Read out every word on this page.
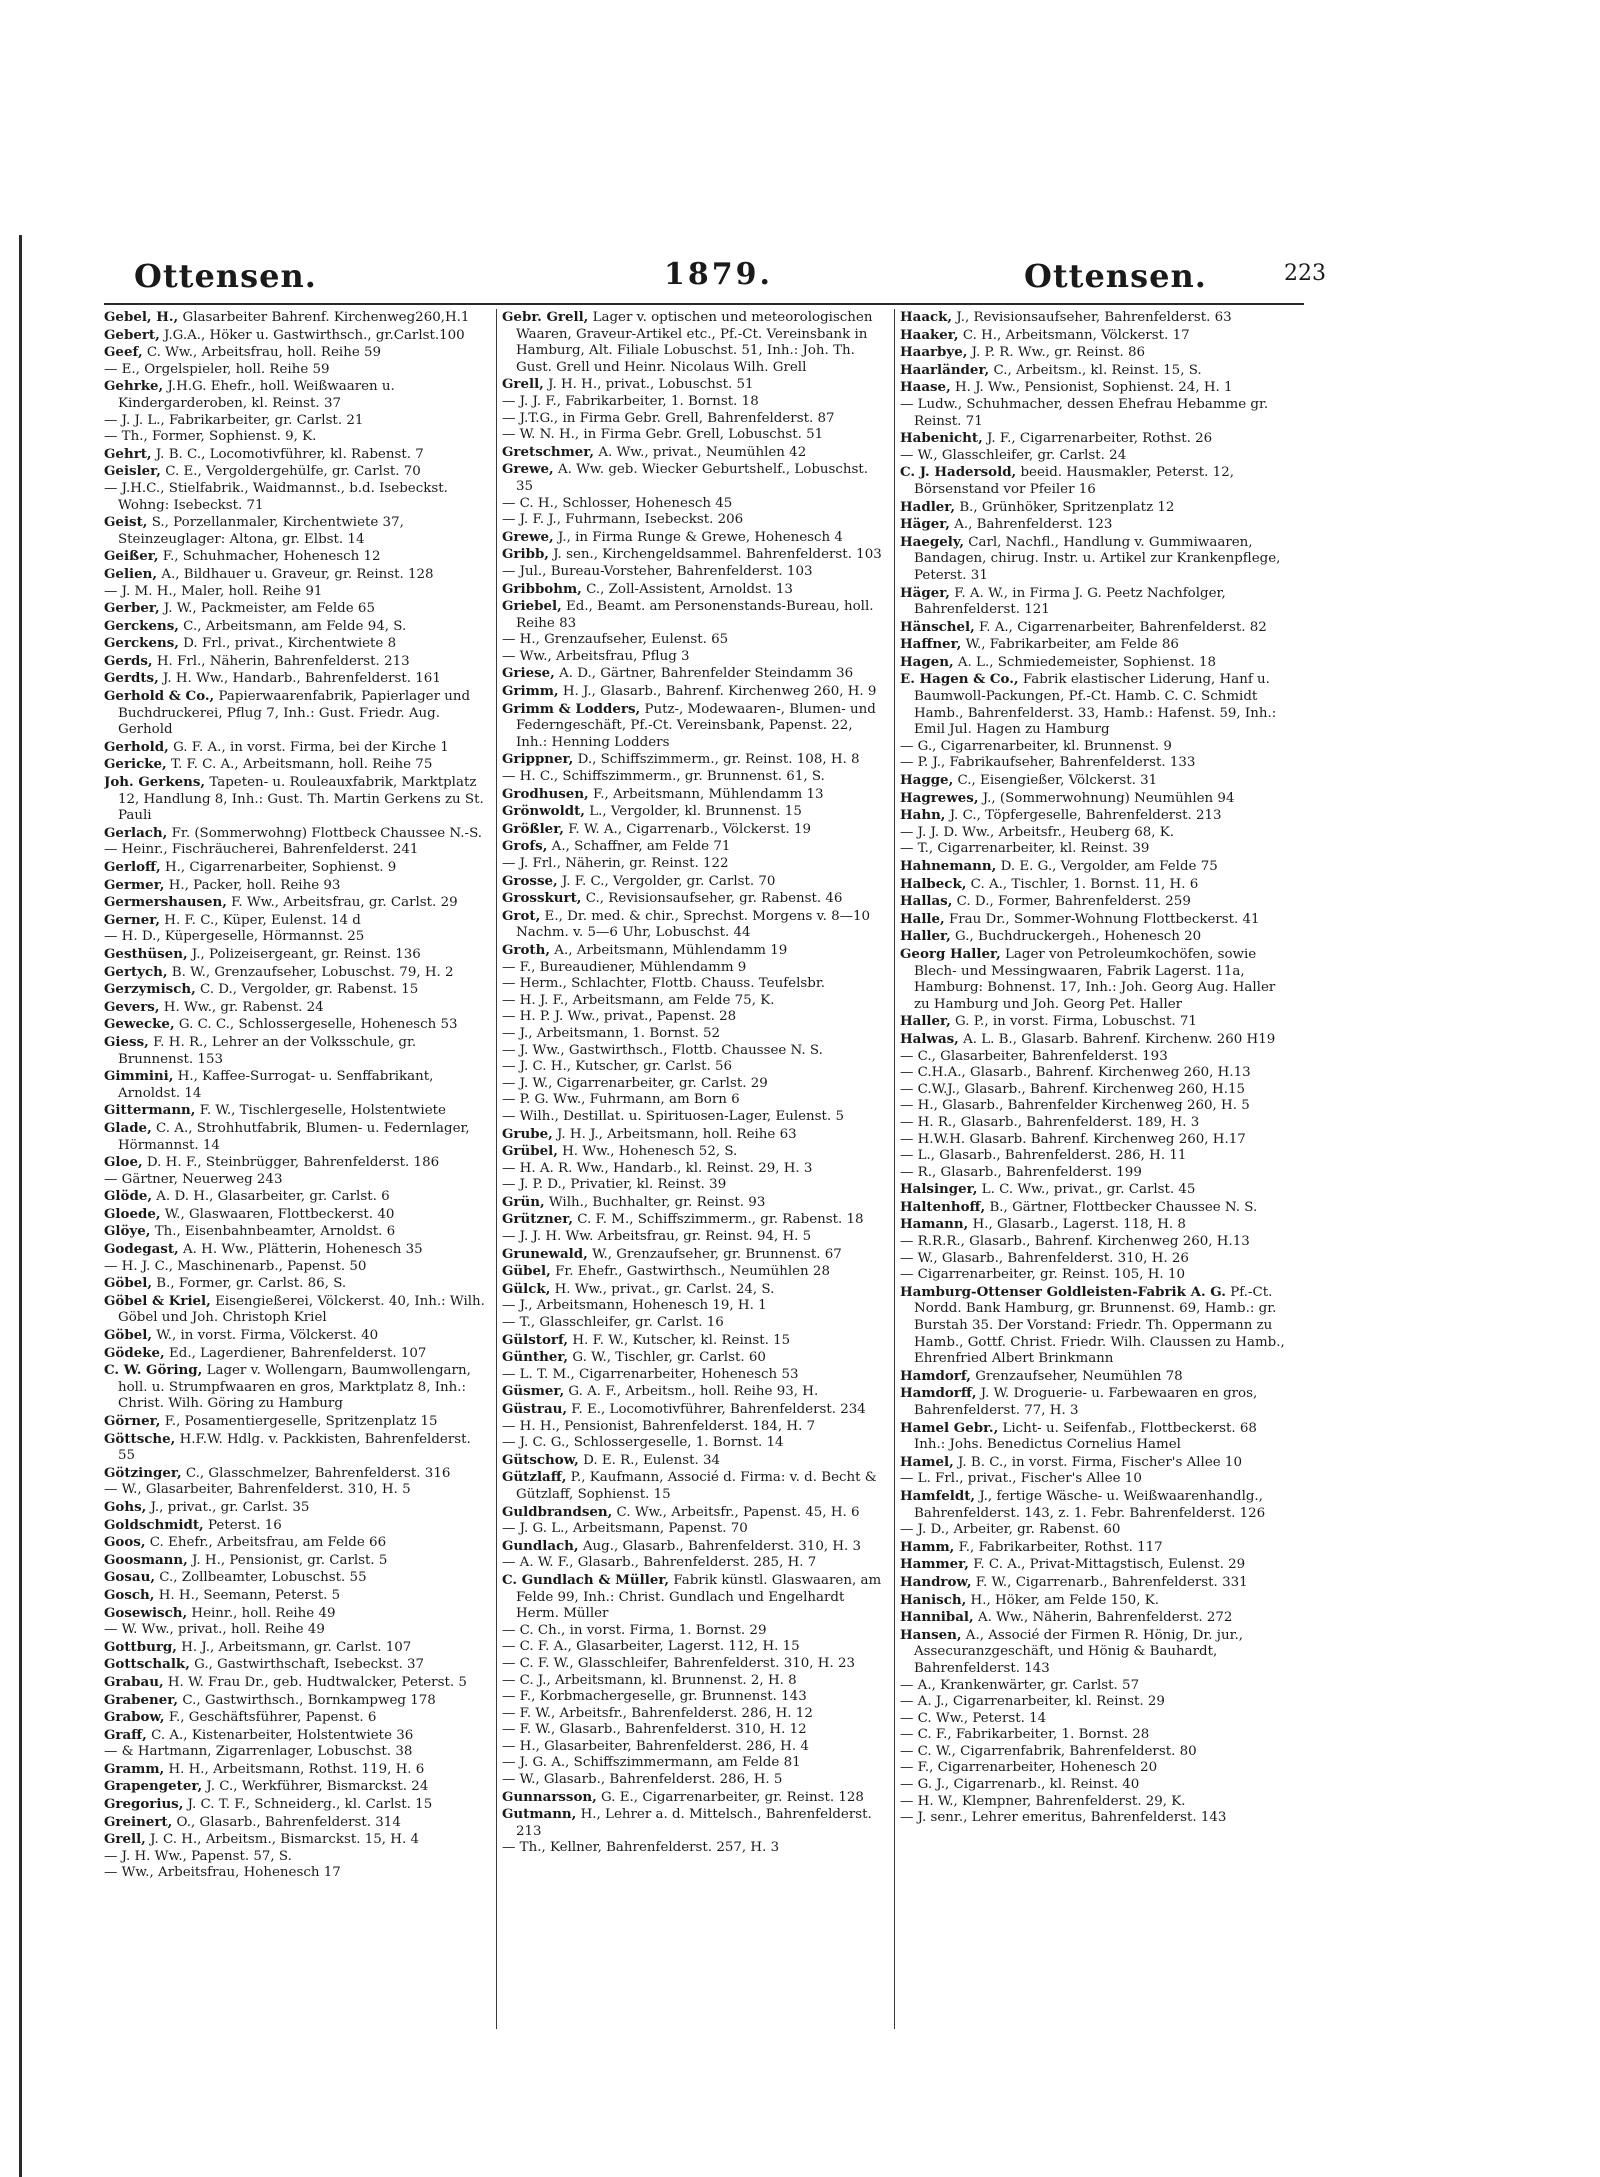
Ottensen.	1879.	Ottensen.	223
Gebel, H., Glasarbeiter Bahrenf. Kirchenweg260,H.1
Gebert, J.G.A., Höker u. Gastwirthsch., gr.Carlst.100
Geef, C. Ww., Arbeitsfrau, holl. Reihe 59
— E., Orgelspieler, holl. Reihe 59
Gehrke, J.H.G. Ehefr., holl. Weißwaaren u. Kindergarderoben, kl. Reinst. 37
— J. J. L., Fabrikarbeiter, gr. Carlst. 21
— Th., Former, Sophienst. 9, K.
Gehrt, J. B. C., Locomotivführer, kl. Rabenst. 7
Geisler, C. E., Vergoldergehülfe, gr. Carlst. 70
— J.H.C., Stielfabrik., Waidmannst., b.d. Isebeckst. Wohng: Isebeckst. 71
Geist, S., Porzellanmaler, Kirchentwiete 37, Steinzeuglager: Altona, gr. Elbst. 14
Geißer, F., Schuhmacher, Hohenesch 12
Gelien, A., Bildhauer u. Graveur, gr. Reinst. 128
— J. M. H., Maler, holl. Reihe 91
Gerber, J. W., Packmeister, am Felde 65
Gerckens, C., Arbeitsmann, am Felde 94, S.
Gerckens, D. Frl., privat., Kirchentwiete 8
Gerds, H. Frl., Näherin, Bahrenfelderst. 213
Gerdts, J. H. Ww., Handarb., Bahrenfelderst. 161
Gerhold & Co., Papierwaarenfabrik, Papierlager und Buchdruckerei, Pflug 7, Inh.: Gust. Friedr. Aug. Gerhold
Gerhold, G. F. A., in vorst. Firma, bei der Kirche 1
Gericke, T. F. C. A., Arbeitsmann, holl. Reihe 75
Joh. Gerkens, Tapeten- u. Rouleauxfabrik, Marktplatz 12, Handlung 8, Inh.: Gust. Th. Martin Gerkens zu St. Pauli
Gerlach, Fr. (Sommerwohng) Flottbeck Chaussee N.-S.
— Heinr., Fischräucherei, Bahrenfelderst. 241
Gerloff, H., Cigarrenarbeiter, Sophienst. 9
Germer, H., Packer, holl. Reihe 93
Germershausen, F. Ww., Arbeitsfrau, gr. Carlst. 29
Gerner, H. F. C., Küper, Eulenst. 14 d
— H. D., Küpergeselle, Hörmannst. 25
Gesthüsen, J., Polizeisergeant, gr. Reinst. 136
Gertych, B. W., Grenzaufseher, Lobuschst. 79, H. 2
Gerzymisch, C. D., Vergolder, gr. Rabenst. 15
Gevers, H. Ww., gr. Rabenst. 24
Gewecke, G. C. C., Schlossergeselle, Hohenesch 53
Giess, F. H. R., Lehrer an der Volksschule, gr. Brunnenst. 153
Gimmini, H., Kaffee-Surrogat- u. Senffabrikant, Arnoldst. 14
Gittermann, F. W., Tischlergeselle, Holstentwiete
Glade, C. A., Strohhutfabrik, Blumen- u. Federnlager, Hörmannst. 14
Gloe, D. H. F., Steinbrügger, Bahrenfelderst. 186
— Gärtner, Neuerweg 243
Glöde, A. D. H., Glasarbeiter, gr. Carlst. 6
Gloede, W., Glaswaaren, Flottbeckerst. 40
Glöye, Th., Eisenbahnbeamter, Arnoldst. 6
Godegast, A. H. Ww., Plätterin, Hohenesch 35
— H. J. C., Maschinenarb., Papenst. 50
Göbel, B., Former, gr. Carlst. 86, S.
Göbel & Kriel, Eisengießerei, Völckerst. 40, Inh.: Wilh. Göbel und Joh. Christoph Kriel
Göbel, W., in vorst. Firma, Völckerst. 40
Gödeke, Ed., Lagerdiener, Bahrenfelderst. 107
C. W. Göring, Lager v. Wollengarn, Baumwollengarn, holl. u. Strumpfwaaren en gros, Marktplatz 8, Inh.: Christ. Wilh. Göring zu Hamburg
Görner, F., Posamentiergeselle, Spritzenplatz 15
Göttsche, H.F.W. Hdlg. v. Packkisten, Bahrenfelderst. 55
Götzinger, C., Glasschmelzer, Bahrenfelderst. 316
— W., Glasarbeiter, Bahrenfelderst. 310, H. 5
Gohs, J., privat., gr. Carlst. 35
Goldschmidt, Peterst. 16
Goos, C. Ehefr., Arbeitsfrau, am Felde 66
Goosmann, J. H., Pensionist, gr. Carlst. 5
Gosau, C., Zollbeamter, Lobuschst. 55
Gosch, H. H., Seemann, Peterst. 5
Gosewisch, Heinr., holl. Reihe 49
— W. Ww., privat., holl. Reihe 49
Gottburg, H. J., Arbeitsmann, gr. Carlst. 107
Gottschalk, G., Gastwirthschaft, Isebeckst. 37
Grabau, H. W. Frau Dr., geb. Hudtwalcker, Peterst. 5
Grabener, C., Gastwirthsch., Bornkampweg 178
Grabow, F., Geschäftsführer, Papenst. 6
Graff, C. A., Kistenarbeiter, Holstentwiete 36
— & Hartmann, Zigarrenlager, Lobuschst. 38
Gramm, H. H., Arbeitsmann, Rothst. 119, H. 6
Grapengeter, J. C., Werkführer, Bismarckst. 24
Gregorius, J. C. T. F., Schneiderg., kl. Carlst. 15
Greinert, O., Glasarb., Bahrenfelderst. 314
Grell, J. C. H., Arbeitsm., Bismarckst. 15, H. 4
— J. H. Ww., Papenst. 57, S.
— Ww., Arbeitsfrau, Hohenesch 17
Gebr. Grell, Lager v. optischen und meteorologischen Waaren, Graveur-Artikel etc., Pf.-Ct. Vereinsbank in Hamburg, Alt. Filiale Lobuschst. 51, Inh.: Joh. Th. Gust. Grell und Heinr. Nicolaus Wilh. Grell
Grell, J. H. H., privat., Lobuschst. 51
— J. J. F., Fabrikarbeiter, 1. Bornst. 18
— J.T.G., in Firma Gebr. Grell, Bahrenfelderst. 87
— W. N. H., in Firma Gebr. Grell, Lobuschst. 51
Gretschmer, A. Ww., privat., Neumühlen 42
Grewe, A. Ww. geb. Wiecker Geburtshelf., Lobuschst. 35
— C. H., Schlosser, Hohenesch 45
— J. F. J., Fuhrmann, Isebeckst. 206
Grewe, J., in Firma Runge & Grewe, Hohenesch 4
Gribb, J. sen., Kirchengeldsammel. Bahrenfelderst. 103
— Jul., Bureau-Vorsteher, Bahrenfelderst. 103
Gribbohm, C., Zoll-Assistent, Arnoldst. 13
Griebel, Ed., Beamt. am Personenstands-Bureau, holl. Reihe 83
— H., Grenzaufseher, Eulenst. 65
— Ww., Arbeitsfrau, Pflug 3
Griese, A. D., Gärtner, Bahrenfelder Steindamm 36
Grimm, H. J., Glasarb., Bahrenf. Kirchenweg 260, H. 9
Grimm & Lodders, Putz-, Modewaaren-, Blumen- und Federngeschäft, Pf.-Ct. Vereinsbank, Papenst. 22, Inh.: Henning Lodders
Grippner, D., Schiffszimmerm., gr. Reinst. 108, H. 8
— H. C., Schiffszimmerm., gr. Brunnenst. 61, S.
Grodhusen, F., Arbeitsmann, Mühlendamm 13
Grönwoldt, L., Vergolder, kl. Brunnenst. 15
Größler, F. W. A., Cigarrenarb., Völckerst. 19
Grofs, A., Schaffner, am Felde 71
— J. Frl., Näherin, gr. Reinst. 122
Grosse, J. F. C., Vergolder, gr. Carlst. 70
Grosskurt, C., Revisionsaufseher, gr. Rabenst. 46
Grot, E., Dr. med. & chir., Sprechst. Morgens v. 8—10 Nachm. v. 5—6 Uhr, Lobuschst. 44
Groth, A., Arbeitsmann, Mühlendamm 19
— F., Bureaudiener, Mühlendamm 9
— Herm., Schlachter, Flottb. Chauss. Teufelsbr.
— H. J. F., Arbeitsmann, am Felde 75, K.
— H. P. J. Ww., privat., Papenst. 28
— J., Arbeitsmann, 1. Bornst. 52
— J. Ww., Gastwirthsch., Flottb. Chaussee N. S.
— J. C. H., Kutscher, gr. Carlst. 56
— J. W., Cigarrenarbeiter, gr. Carlst. 29
— P. G. Ww., Fuhrmann, am Born 6
— Wilh., Destillat. u. Spirituosen-Lager, Eulenst. 5
Grube, J. H. J., Arbeitsmann, holl. Reihe 63
Grübel, H. Ww., Hohenesch 52, S.
— H. A. R. Ww., Handarb., kl. Reinst. 29, H. 3
— J. P. D., Privatier, kl. Reinst. 39
Grün, Wilh., Buchhalter, gr. Reinst. 93
Grützner, C. F. M., Schiffszimmerm., gr. Rabenst. 18
— J. J. H. Ww. Arbeitsfrau, gr. Reinst. 94, H. 5
Grunewald, W., Grenzaufseher, gr. Brunnenst. 67
Gübel, Fr. Ehefr., Gastwirthsch., Neumühlen 28
Gülck, H. Ww., privat., gr. Carlst. 24, S.
— J., Arbeitsmann, Hohenesch 19, H. 1
— T., Glasschleifer, gr. Carlst. 16
Gülstorf, H. F. W., Kutscher, kl. Reinst. 15
Günther, G. W., Tischler, gr. Carlst. 60
— L. T. M., Cigarrenarbeiter, Hohenesch 53
Güsmer, G. A. F., Arbeitsm., holl. Reihe 93, H.
Güstrau, F. E., Locomotivführer, Bahrenfelderst. 234
— H. H., Pensionist, Bahrenfelderst. 184, H. 7
— J. C. G., Schlossergeselle, 1. Bornst. 14
Gütschow, D. E. R., Eulenst. 34
Gützlaff, P., Kaufmann, Associé d. Firma: v. d. Becht & Gützlaff, Sophienst. 15
Guldbrandsen, C. Ww., Arbeitsfr., Papenst. 45, H. 6
— J. G. L., Arbeitsmann, Papenst. 70
Gundlach, Aug., Glasarb., Bahrenfelderst. 310, H. 3
— A. W. F., Glasarb., Bahrenfelderst. 285, H. 7
C. Gundlach & Müller, Fabrik künstl. Glaswaaren, am Felde 99, Inh.: Christ. Gundlach und Engelhardt Herm. Müller
— C. Ch., in vorst. Firma, 1. Bornst. 29
— C. F. A., Glasarbeiter, Lagerst. 112, H. 15
— C. F. W., Glasschleifer, Bahrenfelderst. 310, H. 23
— C. J., Arbeitsmann, kl. Brunnenst. 2, H. 8
— F., Korbmachergeselle, gr. Brunnenst. 143
— F. W., Arbeitsfr., Bahrenfelderst. 286, H. 12
— F. W., Glasarb., Bahrenfelderst. 310, H. 12
— H., Glasarbeiter, Bahrenfelderst. 286, H. 4
— J. G. A., Schiffszimmermann, am Felde 81
— W., Glasarb., Bahrenfelderst. 286, H. 5
Gunnarsson, G. E., Cigarrenarbeiter, gr. Reinst. 128
Gutmann, H., Lehrer a. d. Mittelsch., Bahrenfelderst. 213
— Th., Kellner, Bahrenfelderst. 257, H. 3
Haack, J., Revisionsaufseher, Bahrenfelderst. 63
Haaker, C. H., Arbeitsmann, Völckerst. 17
Haarbye, J. P. R. Ww., gr. Reinst. 86
Haarländer, C., Arbeitsm., kl. Reinst. 15, S.
Haase, H. J. Ww., Pensionist, Sophienst. 24, H. 1
— Ludw., Schuhmacher, dessen Ehefrau Hebamme gr. Reinst. 71
Habenicht, J. F., Cigarrenarbeiter, Rothst. 26
— W., Glasschleifer, gr. Carlst. 24
C. J. Hadersold, beeid. Hausmakler, Peterst. 12, Börsenstand vor Pfeiler 16
Hadler, B., Grünhöker, Spritzenplatz 12
Häger, A., Bahrenfelderst. 123
Haegely, Carl, Nachfl., Handlung v. Gummiwaaren, Bandagen, chirug. Instr. u. Artikel zur Krankenpflege, Peterst. 31
Häger, F. A. W., in Firma J. G. Peetz Nachfolger, Bahrenfelderst. 121
Hänschel, F. A., Cigarrenarbeiter, Bahrenfelderst. 82
Haffner, W., Fabrikarbeiter, am Felde 86
Hagen, A. L., Schmiedemeister, Sophienst. 18
E. Hagen & Co., Fabrik elastischer Liderung, Hanf u. Baumwoll-Packungen, Pf.-Ct. Hamb. C. C. Schmidt Hamb., Bahrenfelderst. 33, Hamb.: Hafenst. 59, Inh.: Emil Jul. Hagen zu Hamburg
— G., Cigarrenarbeiter, kl. Brunnenst. 9
— P. J., Fabrikaufseher, Bahrenfelderst. 133
Hagge, C., Eisengießer, Völckerst. 31
Hagrewes, J., (Sommerwohnung) Neumühlen 94
Hahn, J. C., Töpfergeselle, Bahrenfelderst. 213
— J. J. D. Ww., Arbeitsfr., Heuberg 68, K.
— T., Cigarrenarbeiter, kl. Reinst. 39
Hahnemann, D. E. G., Vergolder, am Felde 75
Halbeck, C. A., Tischler, 1. Bornst. 11, H. 6
Hallas, C. D., Former, Bahrenfelderst. 259
Halle, Frau Dr., Sommer-Wohnung Flottbeckerst. 41
Haller, G., Buchdruckergeh., Hohenesch 20
Georg Haller, Lager von Petroleumkochöfen, sowie Blech- und Messingwaaren, Fabrik Lagerst. 11a, Hamburg: Bohnenst. 17, Inh.: Joh. Georg Aug. Haller zu Hamburg und Joh. Georg Pet. Haller
Haller, G. P., in vorst. Firma, Lobuschst. 71
Halwas, A. L. B., Glasarb. Bahrenf. Kirchenw. 260 H19
— C., Glasarbeiter, Bahrenfelderst. 193
— C.H.A., Glasarb., Bahrenf. Kirchenweg 260, H.13
— C.W.J., Glasarb., Bahrenf. Kirchenweg 260, H.15
— H., Glasarb., Bahrenfelder Kirchenweg 260, H. 5
— H. R., Glasarb., Bahrenfelderst. 189, H. 3
— H.W.H. Glasarb. Bahrenf. Kirchenweg 260, H.17
— L., Glasarb., Bahrenfelderst. 286, H. 11
— R., Glasarb., Bahrenfelderst. 199
Halsinger, L. C. Ww., privat., gr. Carlst. 45
Haltenhoff, B., Gärtner, Flottbecker Chaussee N. S.
Hamann, H., Glasarb., Lagerst. 118, H. 8
— R.R.R., Glasarb., Bahrenf. Kirchenweg 260, H.13
— W., Glasarb., Bahrenfelderst. 310, H. 26
— Cigarrenarbeiter, gr. Reinst. 105, H. 10
Hamburg-Ottenser Goldleisten-Fabrik A. G. Pf.-Ct. Nordd. Bank Hamburg, gr. Brunnenst. 69, Hamb.: gr. Burstah 35. Der Vorstand: Friedr. Th. Oppermann zu Hamb., Gottf. Christ. Friedr. Wilh. Claussen zu Hamb., Ehrenfried Albert Brinkmann
Hamdorf, Grenzaufseher, Neumühlen 78
Hamdorff, J. W. Droguerie- u. Farbewaaren en gros, Bahrenfelderst. 77, H. 3
Hamel Gebr., Licht- u. Seifenfab., Flottbeckerst. 68 Inh.: Johs. Benedictus Cornelius Hamel
Hamel, J. B. C., in vorst. Firma, Fischer's Allee 10
— L. Frl., privat., Fischer's Allee 10
Hamfeldt, J., fertige Wäsche- u. Weißwaarenhandlg., Bahrenfelderst. 143, z. 1. Febr. Bahrenfelderst. 126
— J. D., Arbeiter, gr. Rabenst. 60
Hamm, F., Fabrikarbeiter, Rothst. 117
Hammer, F. C. A., Privat-Mittagstisch, Eulenst. 29
Handrow, F. W., Cigarrenarb., Bahrenfelderst. 331
Hanisch, H., Höker, am Felde 150, K.
Hannibal, A. Ww., Näherin, Bahrenfelderst. 272
Hansen, A., Associé der Firmen R. Hönig, Dr. jur., Assecuranzgeschäft, und Hönig & Bauhardt, Bahrenfelderst. 143
— A., Krankenwärter, gr. Carlst. 57
— A. J., Cigarrenarbeiter, kl. Reinst. 29
— C. Ww., Peterst. 14
— C. F., Fabrikarbeiter, 1. Bornst. 28
— C. W., Cigarrenfabrik, Bahrenfelderst. 80
— F., Cigarrenarbeiter, Hohenesch 20
— G. J., Cigarrenarb., kl. Reinst. 40
— H. W., Klempner, Bahrenfelderst. 29, K.
— J. senr., Lehrer emeritus, Bahrenfelderst. 143
